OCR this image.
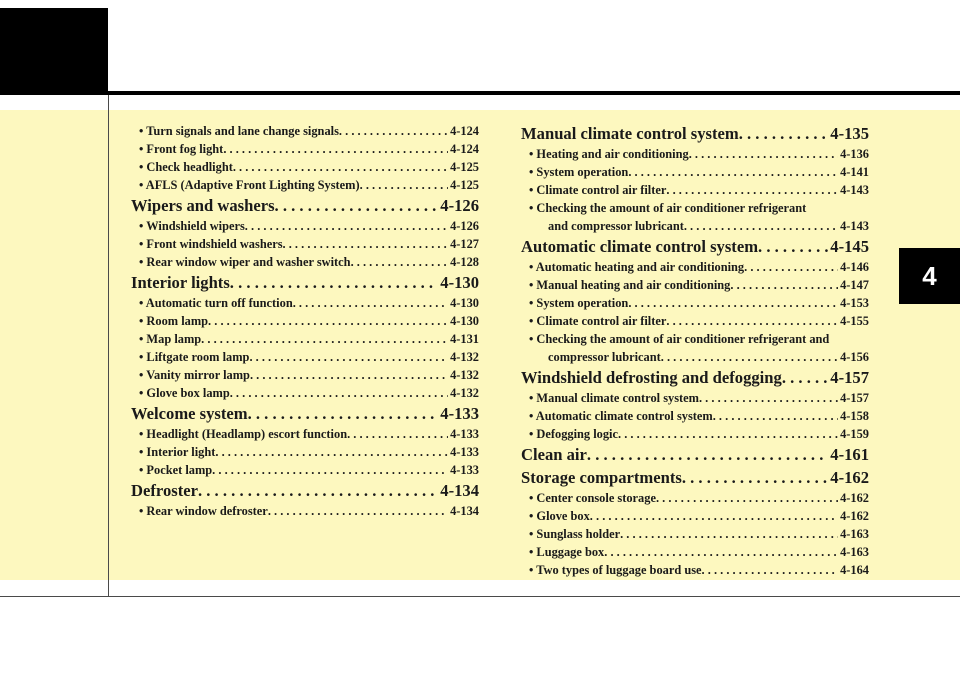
4
• Turn signals and lane change signals . . .	4-124
• Front fog light . . .	4-124
• Check headlight . . .	4-125
• AFLS (Adaptive Front Lighting System) . . .	4-125
Wipers and washers . . .	4-126
• Windshield wipers . . .	4-126
• Front windshield washers . . .	4-127
• Rear window wiper and washer switch . . .	4-128
Interior lights . . .	4-130
• Automatic turn off function . . .	4-130
• Room lamp . . .	4-130
• Map lamp . . .	4-131
• Liftgate room lamp . . .	4-132
• Vanity mirror lamp . . .	4-132
• Glove box lamp . . .	4-132
Welcome system . . .	4-133
• Headlight (Headlamp) escort function . . .	4-133
• Interior light . . .	4-133
• Pocket lamp . . .	4-133
Defroster . . .	4-134
• Rear window defroster . . .	4-134
Manual climate control system . . .	4-135
• Heating and air conditioning . . .	4-136
• System operation . . .	4-141
• Climate control air filter . . .	4-143
• Checking the amount of air conditioner refrigerant
and compressor lubricant . . .	4-143
Automatic climate control system . . .	4-145
• Automatic heating and air conditioning . . .	4-146
• Manual heating and air conditioning . . .	4-147
• System operation . . .	4-153
• Climate control air filter . . .	4-155
• Checking the amount of air conditioner refrigerant and
compressor lubricant . . .	4-156
Windshield defrosting and defogging . . .	4-157
• Manual climate control system . . .	4-157
• Automatic climate control system . . .	4-158
• Defogging logic . . .	4-159
Clean air . . .	4-161
Storage compartments . . .	4-162
• Center console storage . . .	4-162
• Glove box . . .	4-162
• Sunglass holder . . .	4-163
• Luggage box . . .	4-163
• Two types of luggage board use . . .	4-164
